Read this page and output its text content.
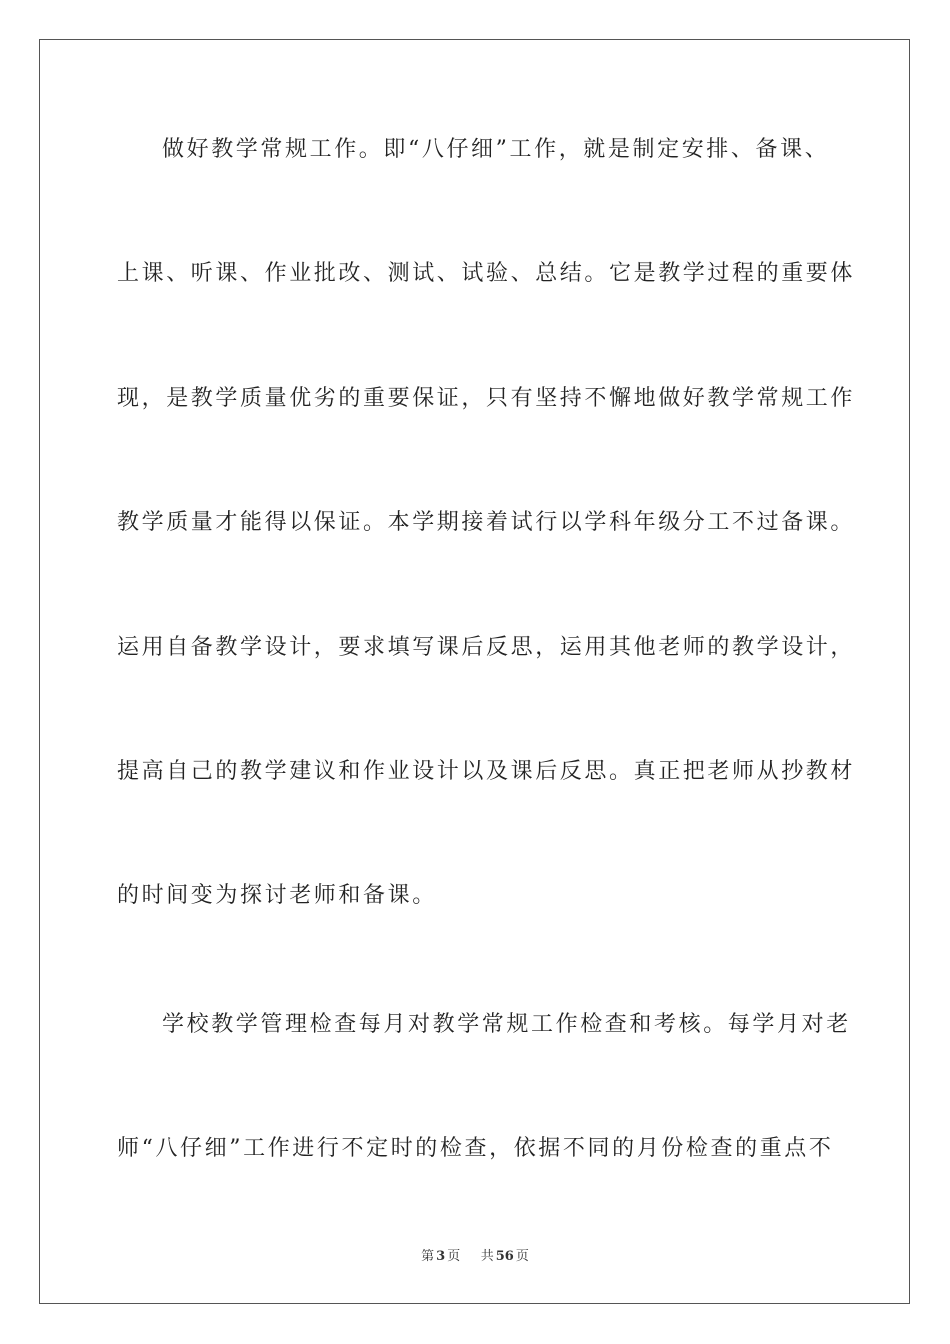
做好教学常规工作。即“八仔细”工作，就是制定安排、备课、
上课、听课、作业批改、测试、试验、总结。它是教学过程的重要体
现，是教学质量优劣的重要保证，只有坚持不懈地做好教学常规工作
教学质量才能得以保证。本学期接着试行以学科年级分工不过备课。
运用自备教学设计，要求填写课后反思，运用其他老师的教学设计，
提高自己的教学建议和作业设计以及课后反思。真正把老师从抄教材
的时间变为探讨老师和备课。
学校教学管理检查每月对教学常规工作检查和考核。每学月对老
师“八仔细”工作进行不定时的检查，依据不同的月份检查的重点不
第 3 页 共 56 页
